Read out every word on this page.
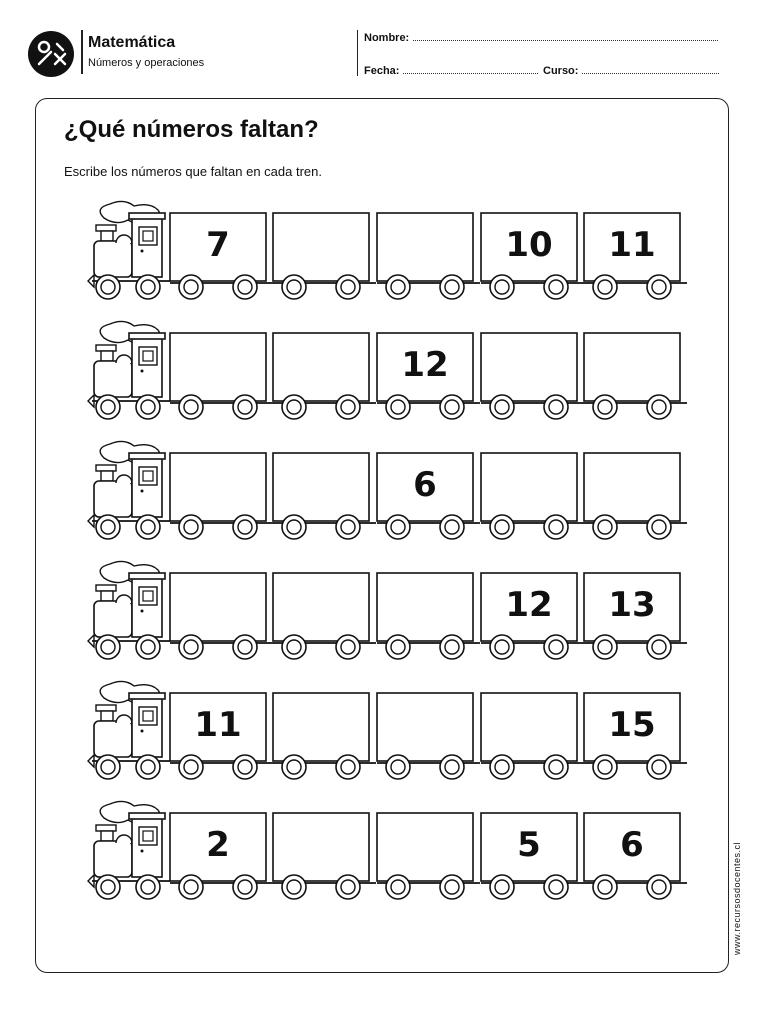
Matemática
Números y operaciones
Nombre:
Fecha:	Curso:
¿Qué números faltan?
Escribe los números que faltan en cada tren.
7	10 11
12
6
12 13
11	15
2	5 6	www.recursosdocentes.cl
